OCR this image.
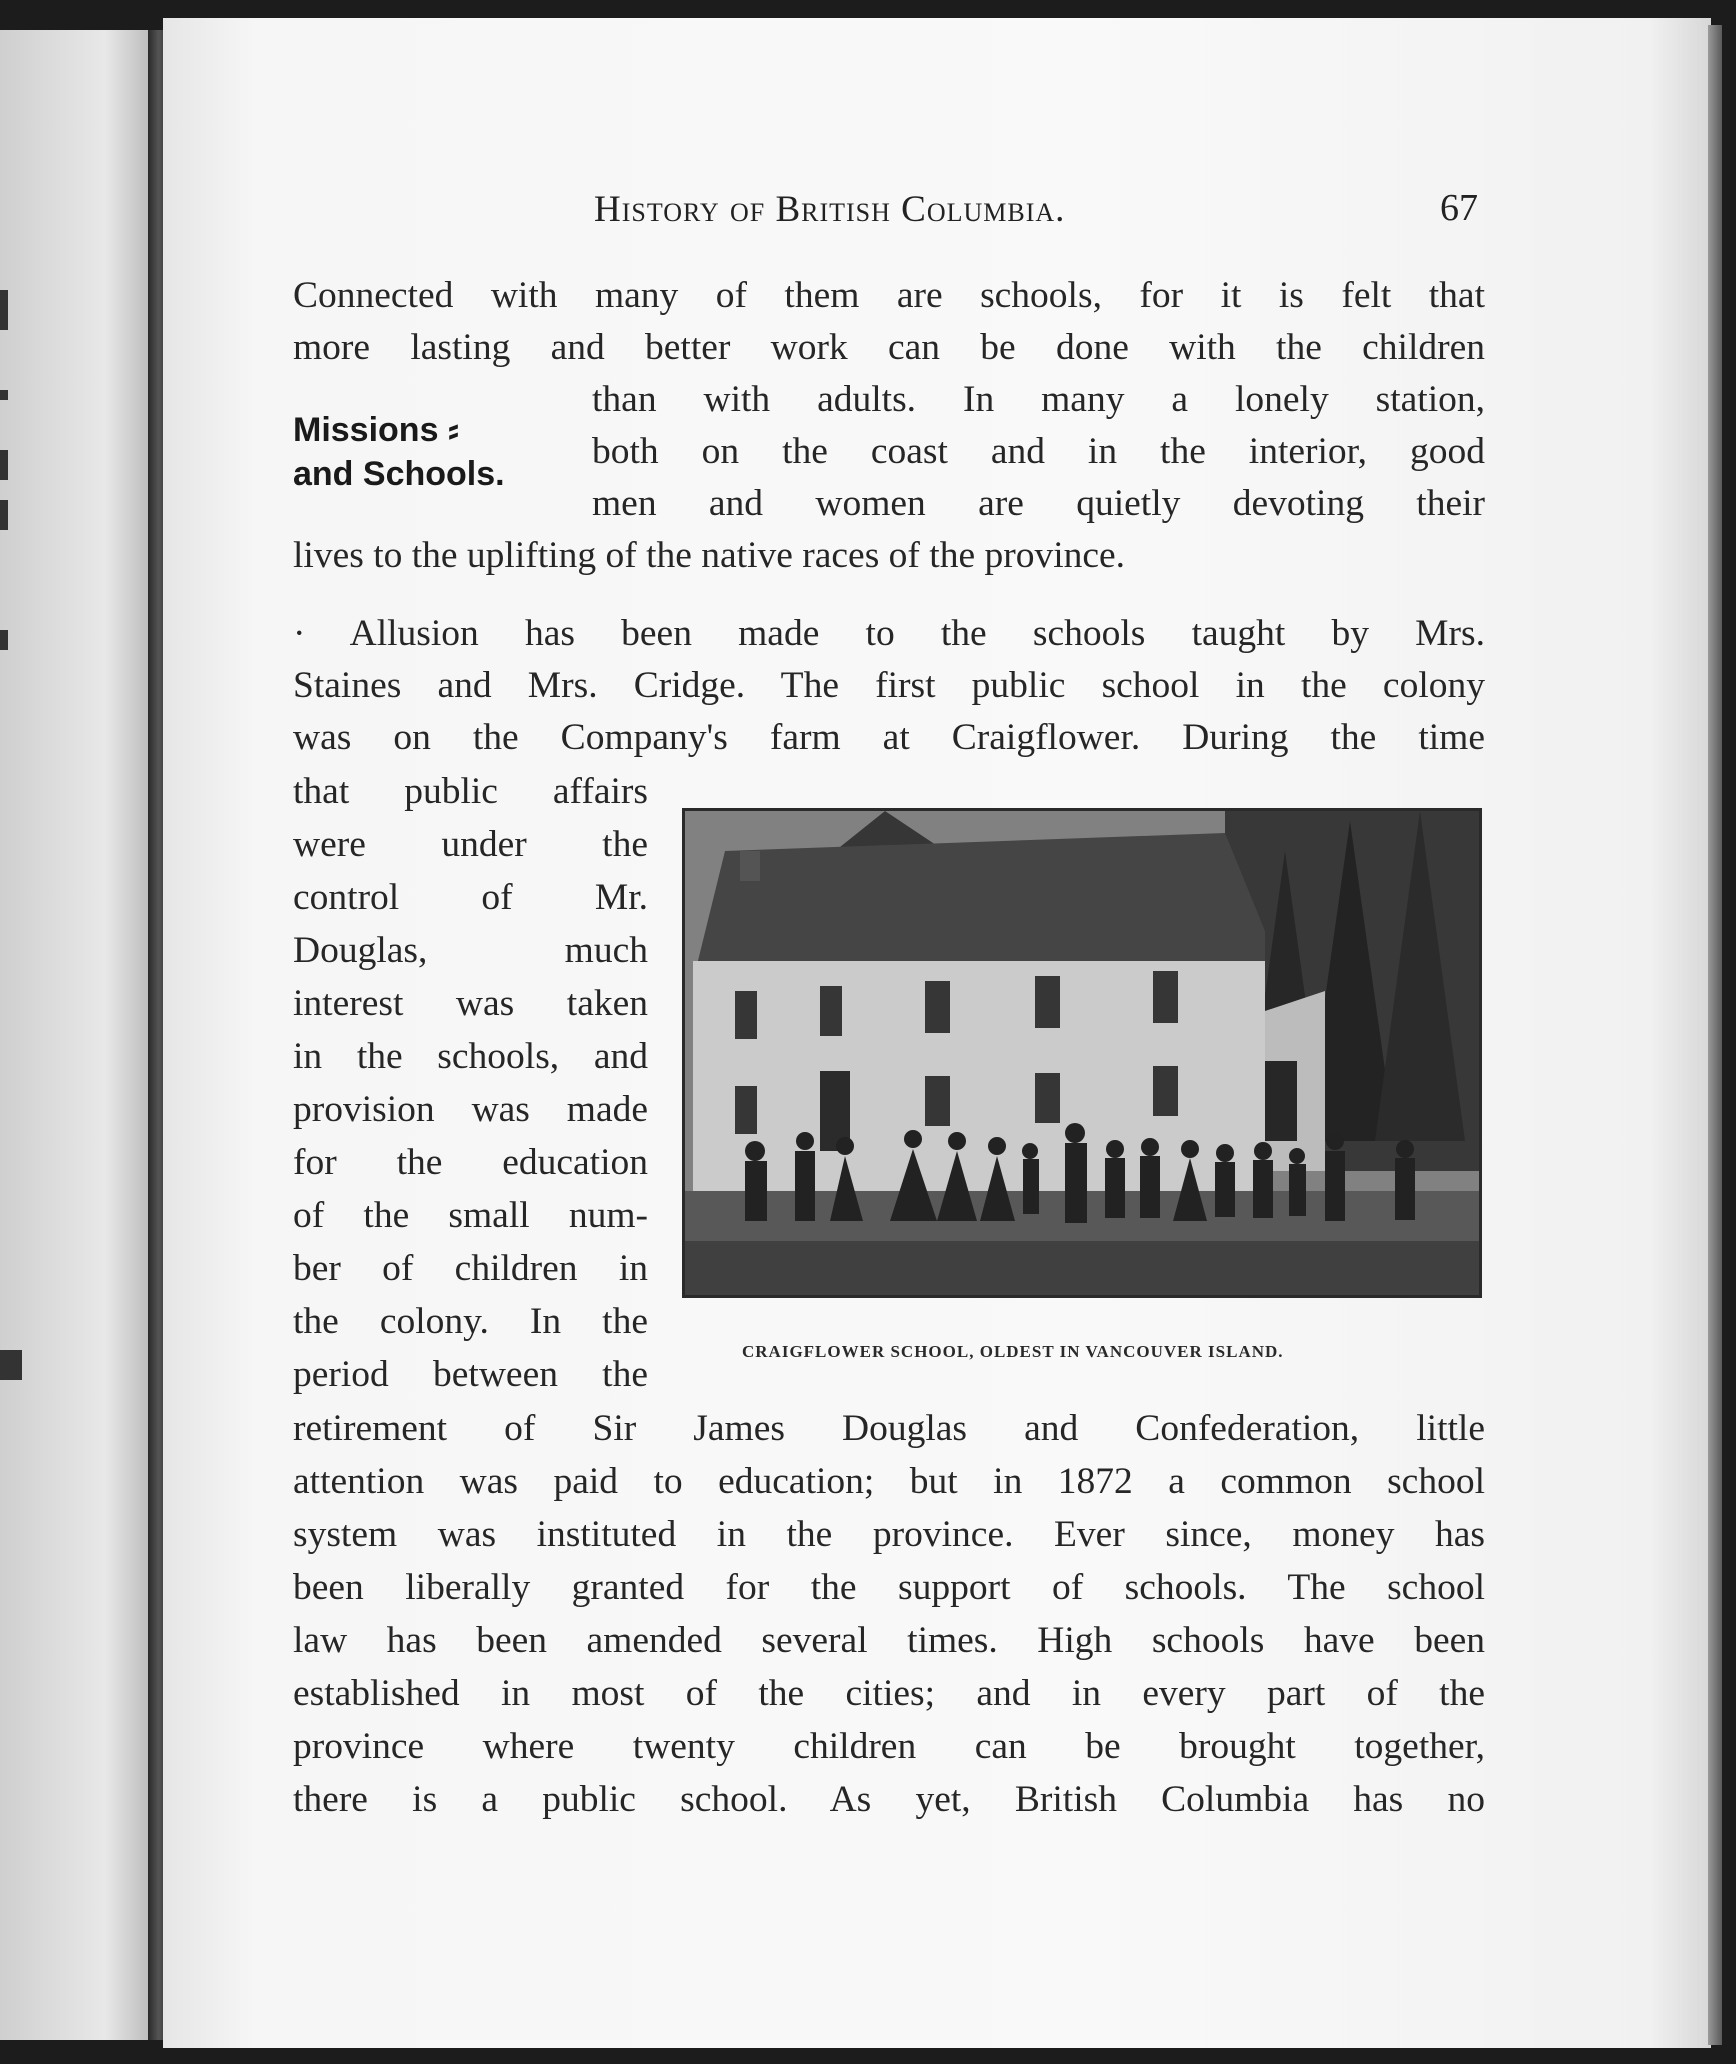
History of British Columbia.	67
Connected with many of them are schools, for it is felt that
more lasting and better work can be done with the children
than with adults. In many a lonely station,
both on the coast and in the interior, good
men and women are quietly devoting their
lives to the uplifting of the native races of the province.
Missions ⸗
and Schools.
· Allusion has been made to the schools taught by Mrs.
Staines and Mrs. Cridge. The first public school in the colony
was on the Company's farm at Craigflower. During the time
that public affairs
were under the
control of Mr.
Douglas, much
interest was taken
in the schools, and
provision was made
for the education
of the small num-
ber of children in
the colony. In the
period between the
CRAIGFLOWER SCHOOL, OLDEST IN VANCOUVER ISLAND.
retirement of Sir James Douglas and Confederation, little
attention was paid to education; but in 1872 a common school
system was instituted in the province. Ever since, money has
been liberally granted for the support of schools. The school
law has been amended several times. High schools have been
established in most of the cities; and in every part of the
province where twenty children can be brought together,
there is a public school. As yet, British Columbia has no
